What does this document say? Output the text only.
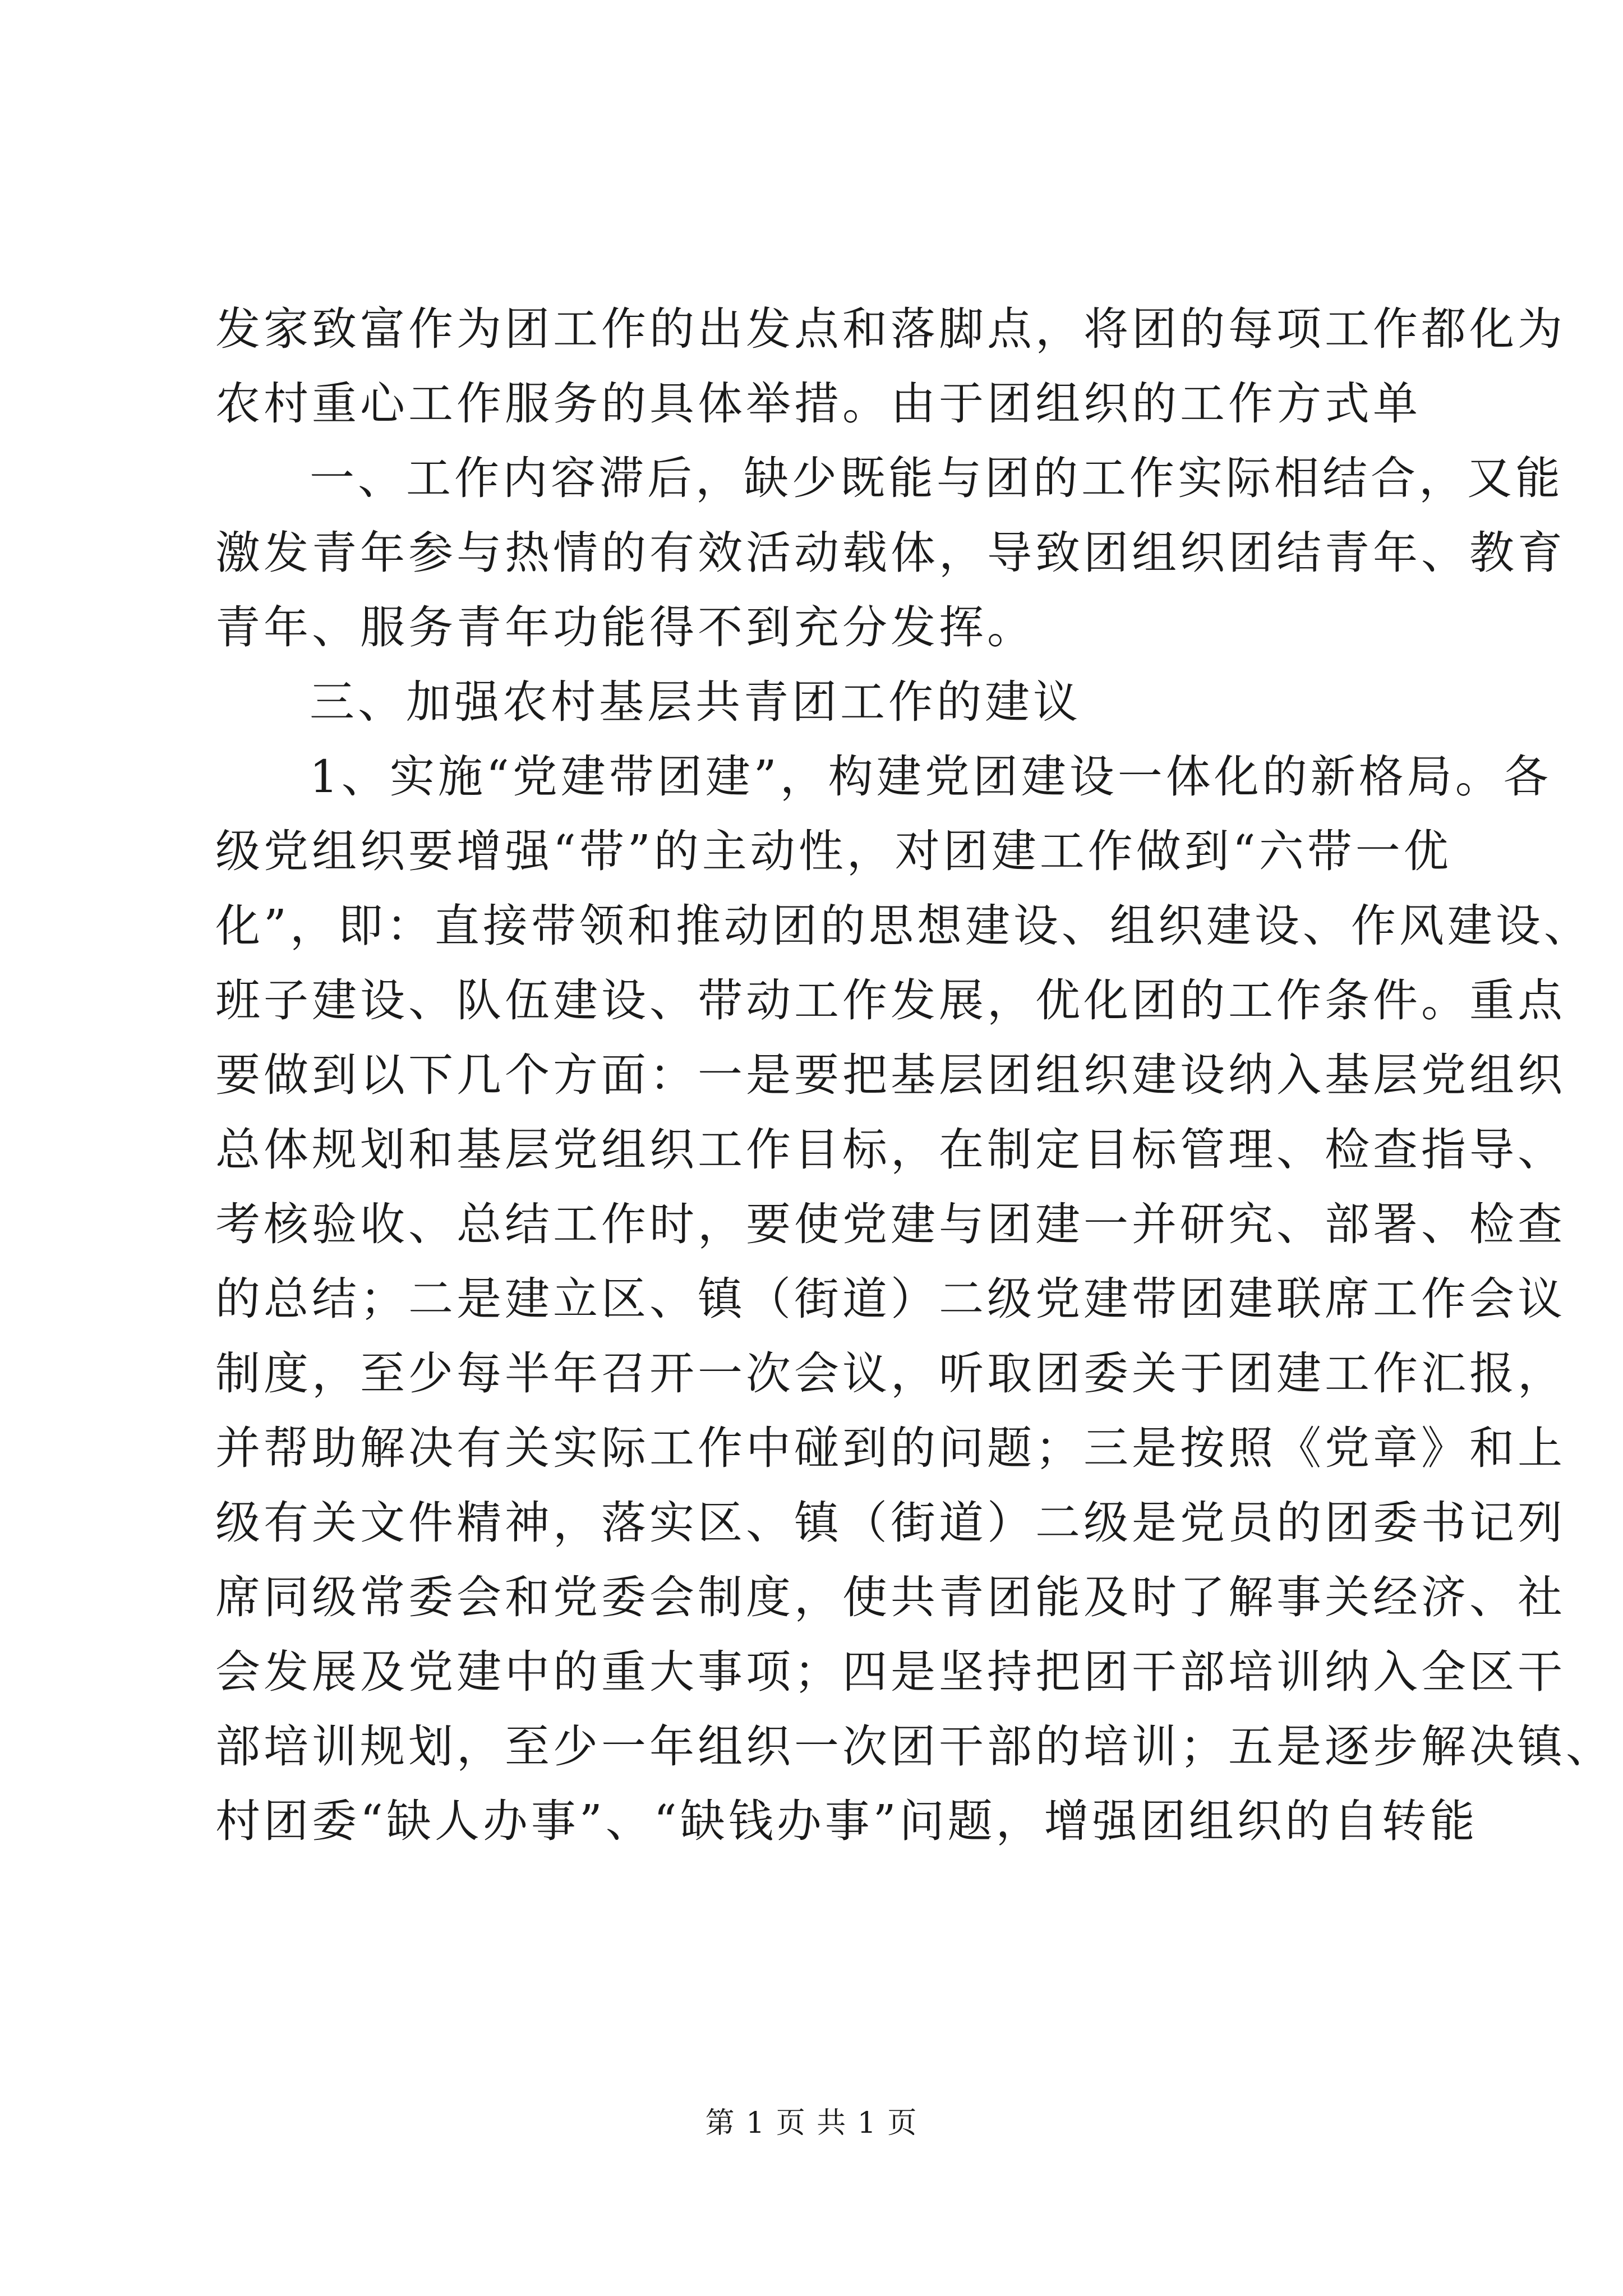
发家致富作为团工作的出发点和落脚点，将团的每项工作都化为
农村重心工作服务的具体举措。由于团组织的工作方式单
一、工作内容滞后，缺少既能与团的工作实际相结合，又能
激发青年参与热情的有效活动载体，导致团组织团结青年、教育
青年、服务青年功能得不到充分发挥。
三、加强农村基层共青团工作的建议
1、实施“党建带团建”，构建党团建设一体化的新格局。各
级党组织要增强“带”的主动性，对团建工作做到“六带一优
化”，即：直接带领和推动团的思想建设、组织建设、作风建设、
班子建设、队伍建设、带动工作发展，优化团的工作条件。重点
要做到以下几个方面：一是要把基层团组织建设纳入基层党组织
总体规划和基层党组织工作目标，在制定目标管理、检查指导、
考核验收、总结工作时，要使党建与团建一并研究、部署、检查
的总结；二是建立区、镇（街道）二级党建带团建联席工作会议
制度，至少每半年召开一次会议，听取团委关于团建工作汇报，
并帮助解决有关实际工作中碰到的问题；三是按照《党章》和上
级有关文件精神，落实区、镇（街道）二级是党员的团委书记列
席同级常委会和党委会制度，使共青团能及时了解事关经济、社
会发展及党建中的重大事项；四是坚持把团干部培训纳入全区干
部培训规划，至少一年组织一次团干部的培训；五是逐步解决镇、
村团委“缺人办事”、“缺钱办事”问题，增强团组织的自转能
第 1 页 共 1 页
